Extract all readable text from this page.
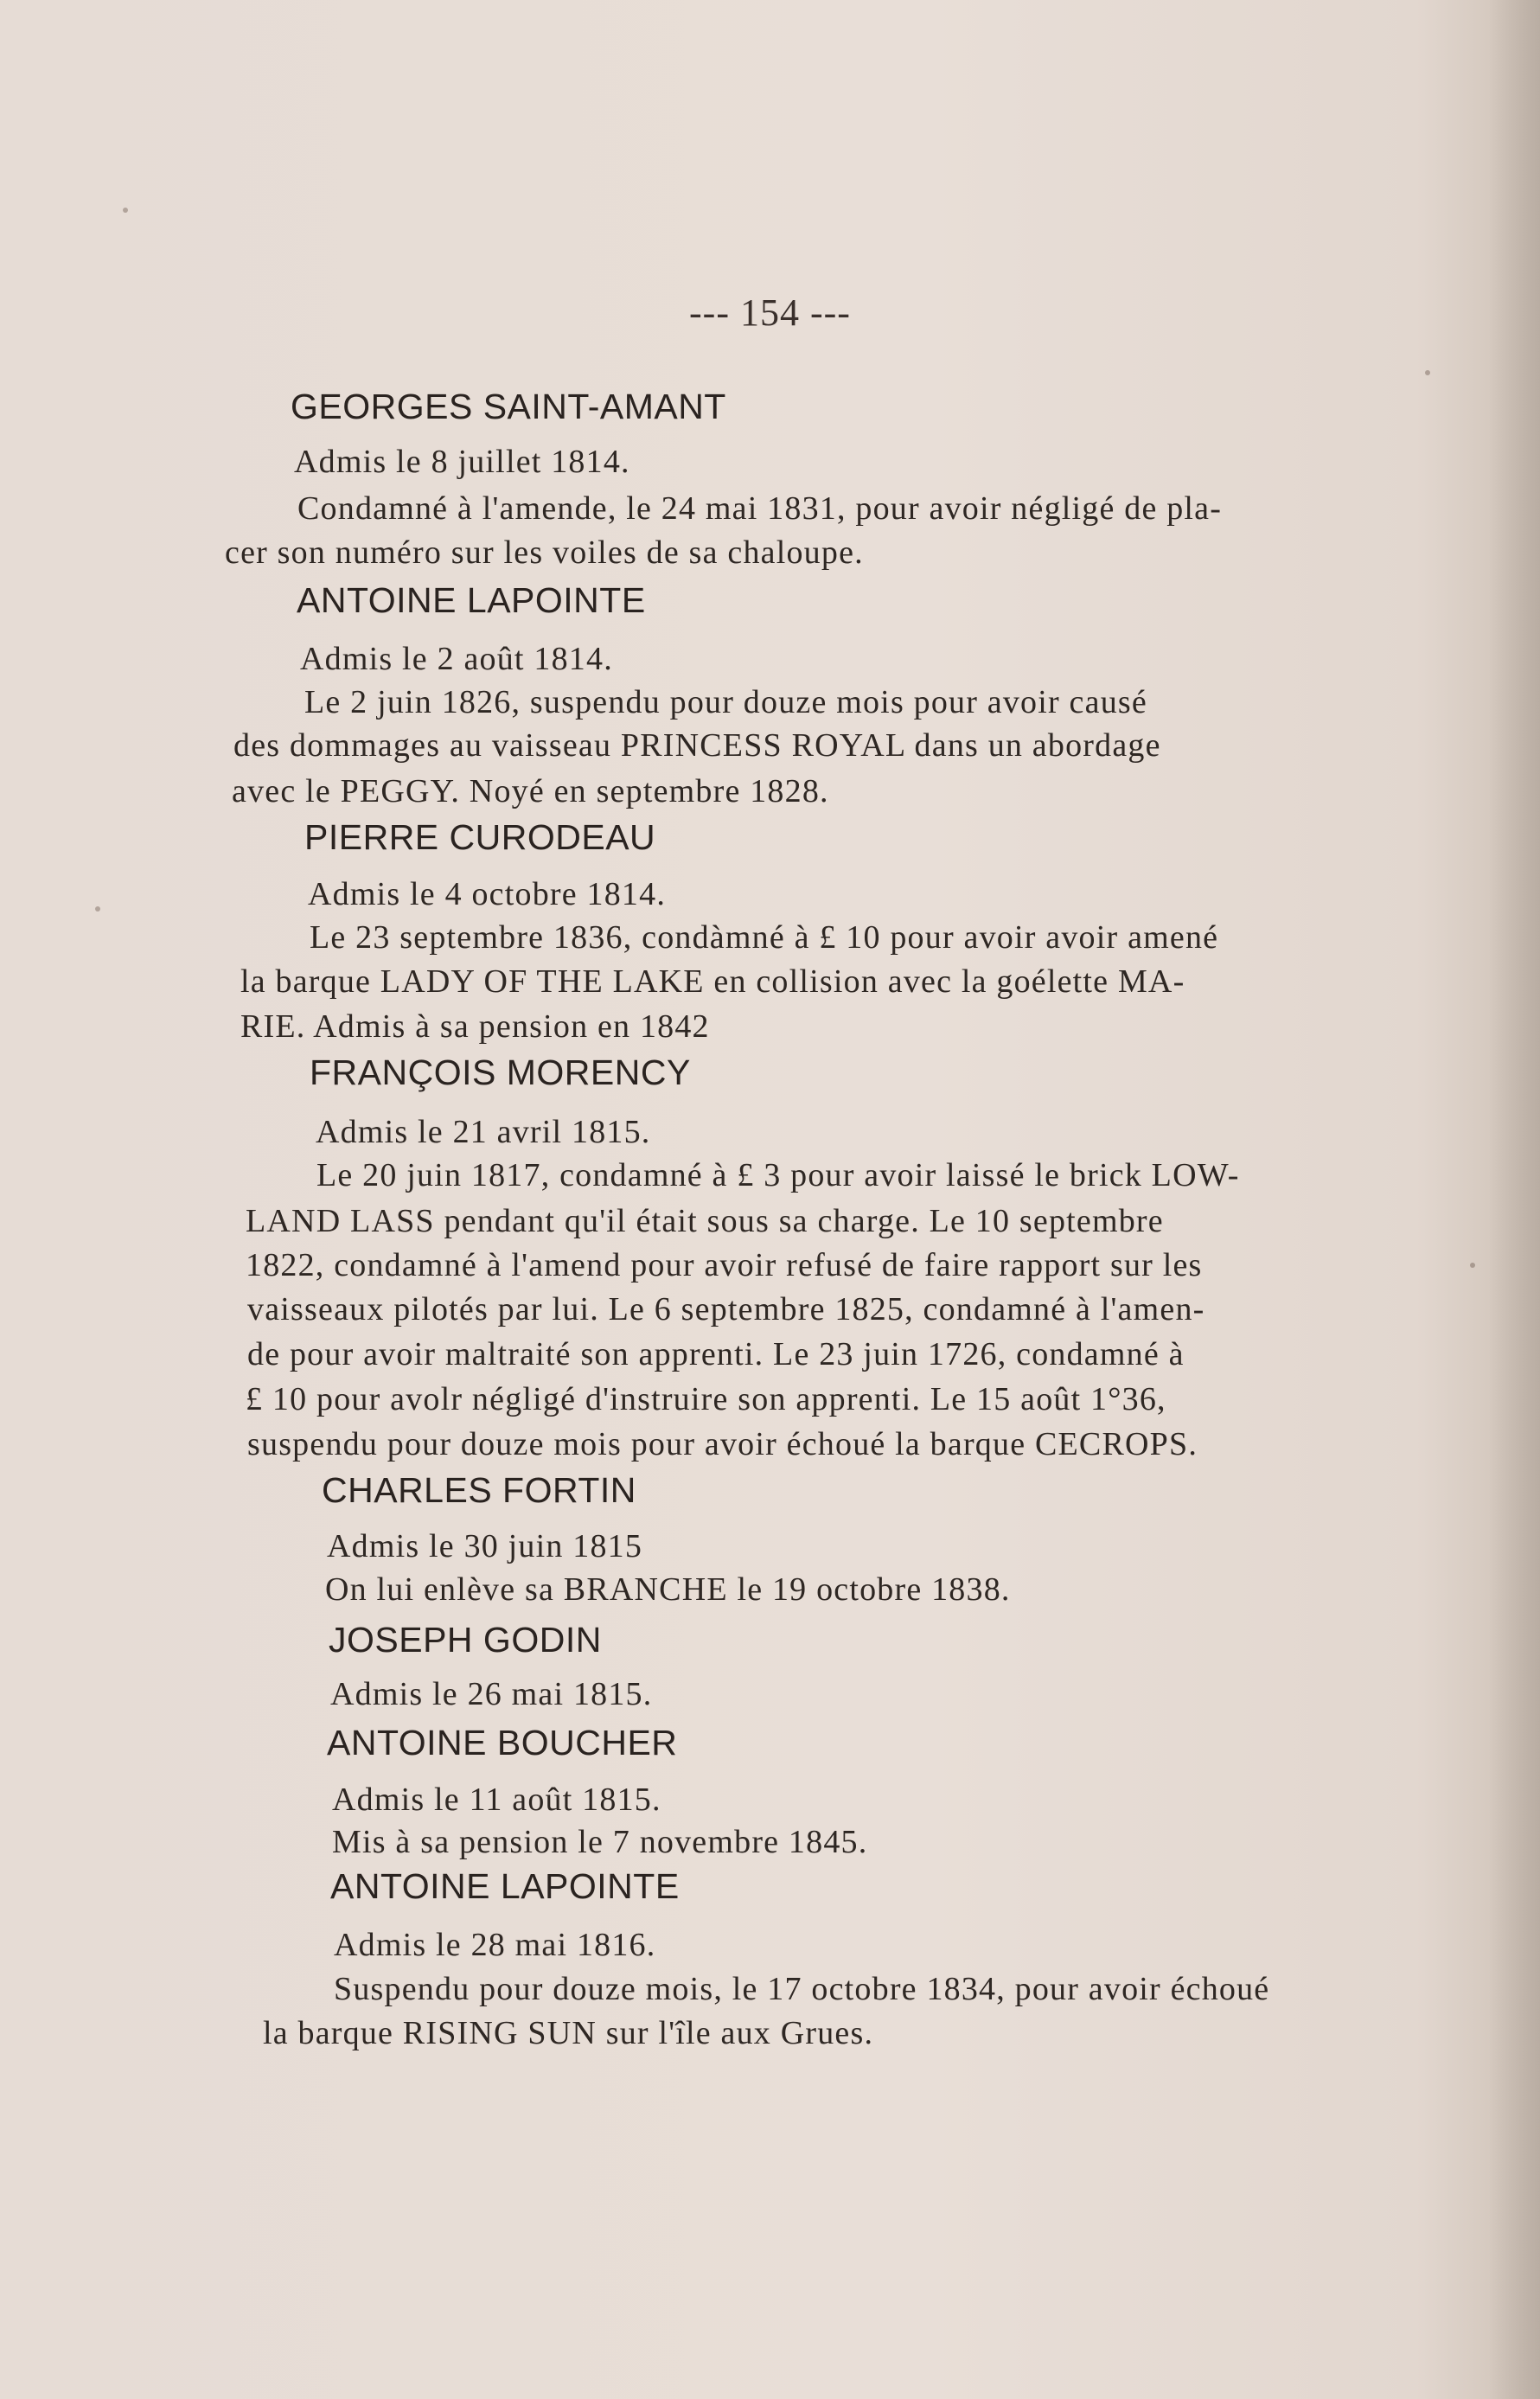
--- 154 ---
GEORGES SAINT-AMANT
Admis le 8 juillet 1814.
Condamné à l'amende, le 24 mai 1831, pour avoir négligé de pla-
cer son numéro sur les voiles de sa chaloupe.
ANTOINE LAPOINTE
Admis le 2 août 1814.
Le 2 juin 1826, suspendu pour douze mois pour avoir causé
des dommages au vaisseau PRINCESS ROYAL dans un abordage
avec le PEGGY. Noyé en septembre 1828.
PIERRE CURODEAU
Admis le 4 octobre 1814.
Le 23 septembre 1836, condàmné à £ 10 pour avoir avoir amené
la barque LADY OF THE LAKE en collision avec la goélette MA-
RIE. Admis à sa pension en 1842
FRANÇOIS MORENCY
Admis le 21 avril 1815.
Le 20 juin 1817, condamné à £ 3 pour avoir laissé le brick LOW-
LAND LASS pendant qu'il était sous sa charge. Le 10 septembre
1822, condamné à l'amend pour avoir refusé de faire rapport sur les
vaisseaux pilotés par lui. Le 6 septembre 1825, condamné à l'amen-
de pour avoir maltraité son apprenti. Le 23 juin 1726, condamné à
£ 10 pour avolr négligé d'instruire son apprenti. Le 15 août 1°36,
suspendu pour douze mois pour avoir échoué la barque CECROPS.
CHARLES FORTIN
Admis le 30 juin 1815
On lui enlève sa BRANCHE le 19 octobre 1838.
JOSEPH GODIN
Admis le 26 mai 1815.
ANTOINE BOUCHER
Admis le 11 août 1815.
Mis à sa pension le 7 novembre 1845.
ANTOINE LAPOINTE
Admis le 28 mai 1816.
Suspendu pour douze mois, le 17 octobre 1834, pour avoir échoué
la barque RISING SUN sur l'île aux Grues.
